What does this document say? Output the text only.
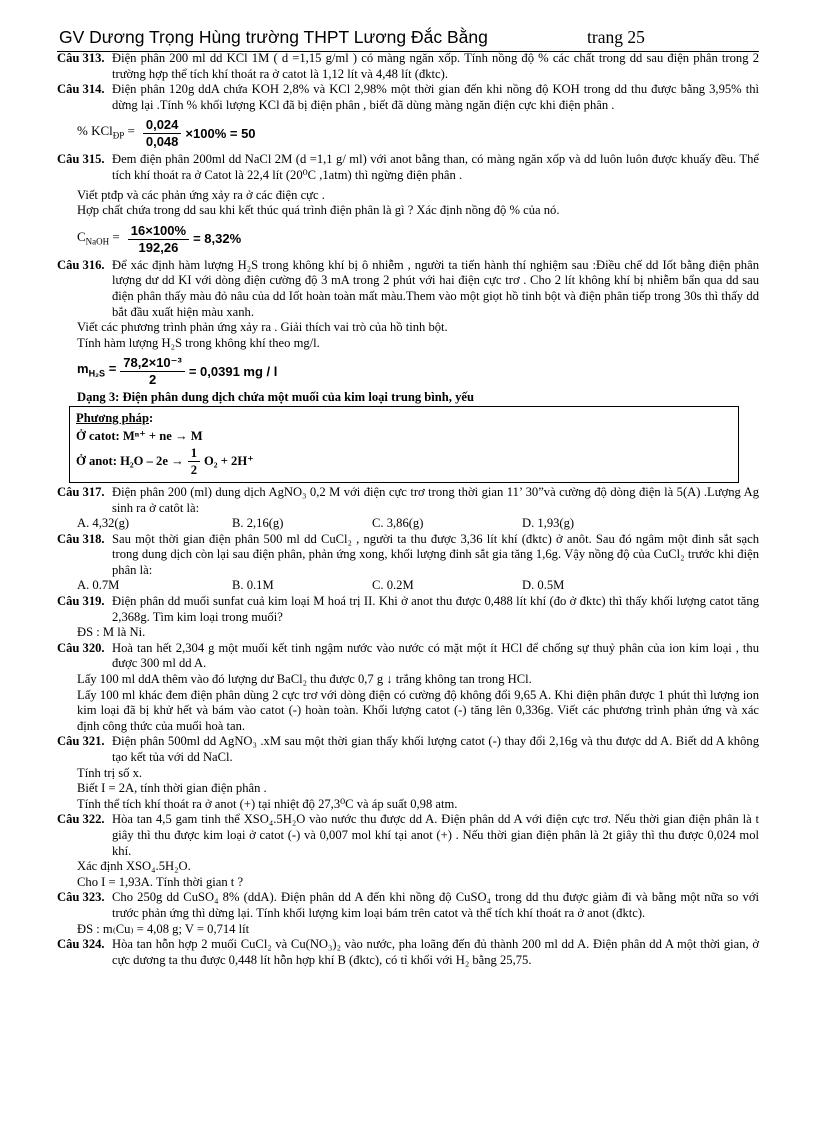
GV Dương Trọng Hùng trường THPT Lương Đắc Bằng	trang 25

Câu 313. Điện phân 200 ml dd KCl 1M ( d =1,15 g/ml ) có màng ngăn xốp. Tính nồng độ % các chất trong dd sau điện phân trong 2 trường hợp thể tích khí thoát ra ở catot là 1,12 lít và 4,48 lít (đktc).

Câu 314. Điện phân 120g ddA chứa KOH 2,8% và KCl 2,98% một thời gian đến khi nồng độ KOH trong dd thu được bằng 3,95% thì dừng lại .Tính % khối lượng KCl đã bị điện phân , biết đã dùng màng ngăn điện cực khi điện phân .

% $KCl_{ĐP} = \frac{0,024}{0,048} \times 100\% = 50$

Câu 315. Đem điện phân 200ml dd NaCl 2M (d =1,1 g/ ml) với anot bằng than, có màng ngăn xốp và dd luôn luôn được khuấy đều. Thể tích khí thoát ra ở Catot là 22,4 lít (20⁰C ,1atm) thì ngừng điện phân .

Viết ptđp và các phản ứng xảy ra ở các điện cực .

Hợp chất chứa trong dd sau khi kết thúc quá trình điện phân là gì ? Xác định nồng độ % của nó.

$C_{NaOH} = \frac{16\times 100\%}{192,26} = 8,32\%$

Câu 316. Để xác định hàm lượng H₂S trong không khí bị ô nhiễm , người ta tiến hành thí nghiệm sau :Điều chế dd Iốt bằng điện phân lượng dư dd KI với dòng điện cường độ 3 mA trong 2 phút với hai điện cực trơ . Cho 2 lít không khí bị nhiễm bẩn qua dd sau điện phân thấy màu đỏ nâu của dd Iốt hoàn toàn mất màu.Them vào một giọt hồ tinh bột và điện phân tiếp trong 30s thì thấy dd bắt đầu xuất hiện màu xanh.

Viết các phương trình phản ứng xảy ra . Giải thích vai trò của hồ tinh bột.

Tính hàm lượng H₂S trong không khí theo mg/l.

$m_{H_2S} = \frac{\text{78,2×10⁻³}}{2} = 0,0391$ mg / l

Dạng 3: Điện phân dung dịch chứa một muối của kim loại trung bình, yếu

Phương pháp :
Ở catot:
Mⁿ⁺ + ne → M
Ở anot:
$H_2O - 2e \to \frac{1}{2} O_2 + 2H^+$

Câu 317. Điện phân 200 (ml) dung dịch AgNO₃ 0,2 M với điện cực trơ trong thời gian 11’ 30”và cường độ dòng điện là 5(A) .Lượng Ag sinh ra ở catôt là:

A. 4,32(g)	B. 2,16(g)	C. 3,86(g)	D. 1,93(g)

Câu 318. Sau một thời gian điện phân 500 ml dd CuCl₂ , người ta thu được 3,36 lít khí (đktc) ở anôt. Sau đó ngâm một đinh sắt sạch trong dung dịch còn lại sau điện phân, phản ứng xong, khối lượng đinh sắt gia tăng 1,6g. Vậy nồng độ của CuCl₂ trước khi điện phân là:

A. 0.7M	B. 0.1M	C. 0.2M	D. 0.5M

Câu 319. Điện phân dd muối sunfat cuả kim loại M hoá trị II. Khi ở anot thu được 0,488 lít khí (đo ở đktc) thì thấy khối lượng catot tăng 2,368g. Tìm kim loại trong muối?

ĐS : M là Ni.

Câu 320. Hoà tan hết 2,304 g một muối kết tinh ngậm nước vào nước có mặt một ít HCl để chống sự thuỷ phân của ion kim loại , thu được 300 ml dd A.

Lấy 100 ml ddA thêm vào đó lượng dư BaCl₂ thu được 0,7 g ↓ trắng không tan trong HCl.

Lấy 100 ml khác đem điện phân dùng 2 cực trơ với dòng điện có cường độ không đổi 9,65 A. Khi điện phân được 1 phút thì lượng ion kim loại đã bị khử hết và bám vào catot (-) hoàn toàn. Khối lượng catot (-) tăng lên 0,336g. Viết các phương trình phản ứng và xác định công thức của muối hoà tan.

Câu 321. Điện phân 500ml dd AgNO₃ .xM sau một thời gian thấy khối lượng catot (-) thay đổi 2,16g và thu được dd A. Biết dd A không tạo kết tủa với dd NaCl.

Tính trị số x.

Biết I = 2A, tính thời gian điện phân .

Tính thể tích khí thoát ra ở anot (+) tại nhiệt độ 27,3⁰C và áp suất 0,98 atm.

Câu 322. Hòa tan 4,5 gam tinh thể XSO₄.5H₂O vào nước thu được dd A. Điện phân dd A với điện cực trơ. Nếu thời gian điện phân là t giây thì thu được kim loại ở catot (-) và 0,007 mol khí tại anot (+) . Nếu thời gian điện phân là 2t giây thì thu được 0,024 mol khí.

Xác định XSO₄.5H₂O.

Cho I = 1,93A. Tính thời gian t ?

Câu 323. Cho 250g dd CuSO₄ 8% (ddA). Điện phân dd A đến khi nồng độ CuSO₄ trong dd thu được giảm đi và bằng một nữa so với trước phản ứng thì dừng lại. Tính khối lượng kim loại bám trên catot và thể tích khí thoát ra ở anot (đktc).

ĐS : m₍Cu₎ = 4,08 g; V = 0,714 lít

Câu 324. Hòa tan hỗn hợp 2 muối CuCl₂ và Cu(NO₃)₂ vào nước, pha loãng đến đủ thành 200 ml dd A. Điện phân dd A một thời gian, ở cực dương ta thu được 0,448 lít hỗn hợp khí B (đktc), có tỉ khối với H₂ bằng 25,75.
